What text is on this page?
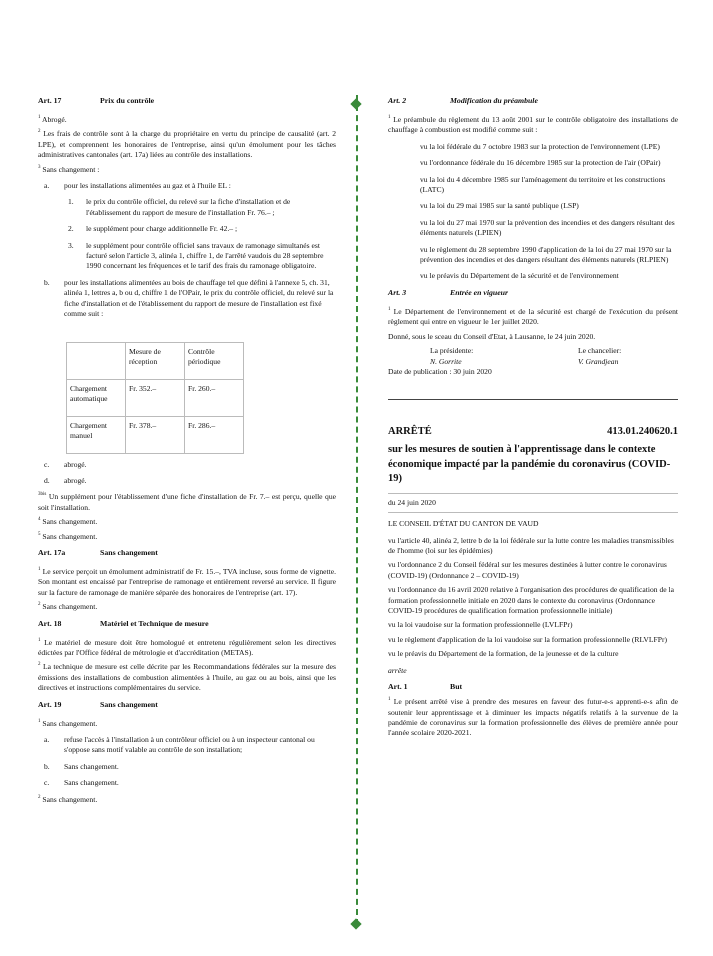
Art. 17	Prix du contrôle

$^1$ Abrogé.

$^2$ Les frais de contrôle sont à la charge du propriétaire en vertu du principe de causalité (art. 2 LPE), et comprennent les honoraires de l'entreprise, ainsi qu'un émolument pour les tâches administratives cantonales (art. 17a) liées au contrôle des installations.

$^3$ Sans changement :

a.	pour les installations alimentées au gaz et à l'huile EL :
1.	le prix du contrôle officiel, du relevé sur la fiche d'installation et de l'établissement du rapport de mesure de l'installation Fr. 76.– ;
2.	le supplément pour charge additionnelle Fr. 42.– ;
3.	le supplément pour contrôle officiel sans travaux de ramonage simultanés est facturé selon l'article 3, alinéa 1, chiffre 1, de l'arrêté vaudois du 28 septembre 1990 concernant les fréquences et le tarif des frais du ramonage obligatoire.
b.	pour les installations alimentées au bois de chauffage tel que défini à l'annexe 5, ch. 31, alinéa 1, lettres a, b ou d, chiffre 1 de l'OPair, le prix du contrôle officiel, du relevé sur la fiche d'installation et de l'établissement du rapport de mesure de l'installation est fixé comme suit :
	Mesure de réception	Contrôle périodique
Chargement automatique	Fr. 352.–	Fr. 260.–
Chargement manuel	Fr. 378.–	Fr. 286.–
c.	abrogé.
d.	abrogé.

$^{3bis}$ Un supplément pour l'établissement d'une fiche d'installation de Fr. 7.– est perçu, quelle que soit l'installation.

$^4$ Sans changement.

$^5$ Sans changement.

Art. 17a	Sans changement

$^1$ Le service perçoit un émolument administratif de Fr. 15.–, TVA incluse, sous forme de vignette. Son montant est encaissé par l'entreprise de ramonage et entièrement reversé au service. Il figure sur la facture de ramonage de manière séparée des honoraires de l'entreprise (art. 17).

$^2$ Sans changement.

Art. 18	Matériel et Technique de mesure

$^1$ Le matériel de mesure doit être homologué et entretenu régulièrement selon les directives édictées par l'Office fédéral de métrologie et d'accréditation (METAS).

$^2$ La technique de mesure est celle décrite par les Recommandations fédérales sur la mesure des émissions des installations de combustion alimentées à l'huile, au gaz ou au bois, ainsi que les directives et instructions complémentaires du service.

Art. 19	Sans changement

$^1$ Sans changement.

a.	refuse l'accès à l'installation à un contrôleur officiel ou à un inspecteur cantonal ou s'oppose sans motif valable au contrôle de son installation;
b.	Sans changement.
c.	Sans changement.

$^2$ Sans changement.

Art. 2	Modification du préambule

$^1$ Le préambule du règlement du 13 août 2001 sur le contrôle obligatoire des installations de chauffage à combustion est modifié comme suit :

vu la loi fédérale du 7 octobre 1983 sur la protection de l'environnement (LPE)

vu l'ordonnance fédérale du 16 décembre 1985 sur la protection de l'air (OPair)

vu la loi du 4 décembre 1985 sur l'aménagement du territoire et les constructions (LATC)

vu la loi du 29 mai 1985 sur la santé publique (LSP)

vu la loi du 27 mai 1970 sur la prévention des incendies et des dangers résultant des éléments naturels (LPIEN)

vu le règlement du 28 septembre 1990 d'application de la loi du 27 mai 1970 sur la prévention des incendies et des dangers résultant des éléments naturels (RLPIEN)

vu le préavis du Département de la sécurité et de l'environnement

Art. 3	Entrée en vigueur

$^1$ Le Département de l'environnement et de la sécurité est chargé de l'exécution du présent règlement qui entre en vigueur le 1er juillet 2020.

Donné, sous le sceau du Conseil d'Etat, à Lausanne, le 24 juin 2020.

La présidente:	Le chancelier:
N. Gorrite	V. Grandjean

Date de publication : 30 juin 2020

ARRÊTÉ	413.01.240620.1

sur les mesures de soutien à l'apprentissage dans le contexte économique impacté par la pandémie du coronavirus (COVID-19)

du 24 juin 2020

LE CONSEIL D'ÉTAT DU CANTON DE VAUD

vu l'article 40, alinéa 2, lettre b de la loi fédérale sur la lutte contre les maladies transmissibles de l'homme (loi sur les épidémies)

vu l'ordonnance 2 du Conseil fédéral sur les mesures destinées à lutter contre le coronavirus (COVID-19) (Ordonnance 2 – COVID-19)

vu l'ordonnance du 16 avril 2020 relative à l'organisation des procédures de qualification de la formation professionnelle initiale en 2020 dans le contexte du coronavirus (Ordonnance COVID-19 procédures de qualification formation professionnelle initiale)

vu la loi vaudoise sur la formation professionnelle (LVLFPr)

vu le règlement d'application de la loi vaudoise sur la formation professionnelle (RLVLFPr)

vu le préavis du Département de la formation, de la jeunesse et de la culture

arrête

Art. 1	But

$^1$ Le présent arrêté vise à prendre des mesures en faveur des futur-e-s apprenti-e-s afin de soutenir leur apprentissage et à diminuer les impacts négatifs relatifs à la survenue de la pandémie de coronavirus sur la formation professionnelle des élèves de première année pour l'année scolaire 2020-2021.
